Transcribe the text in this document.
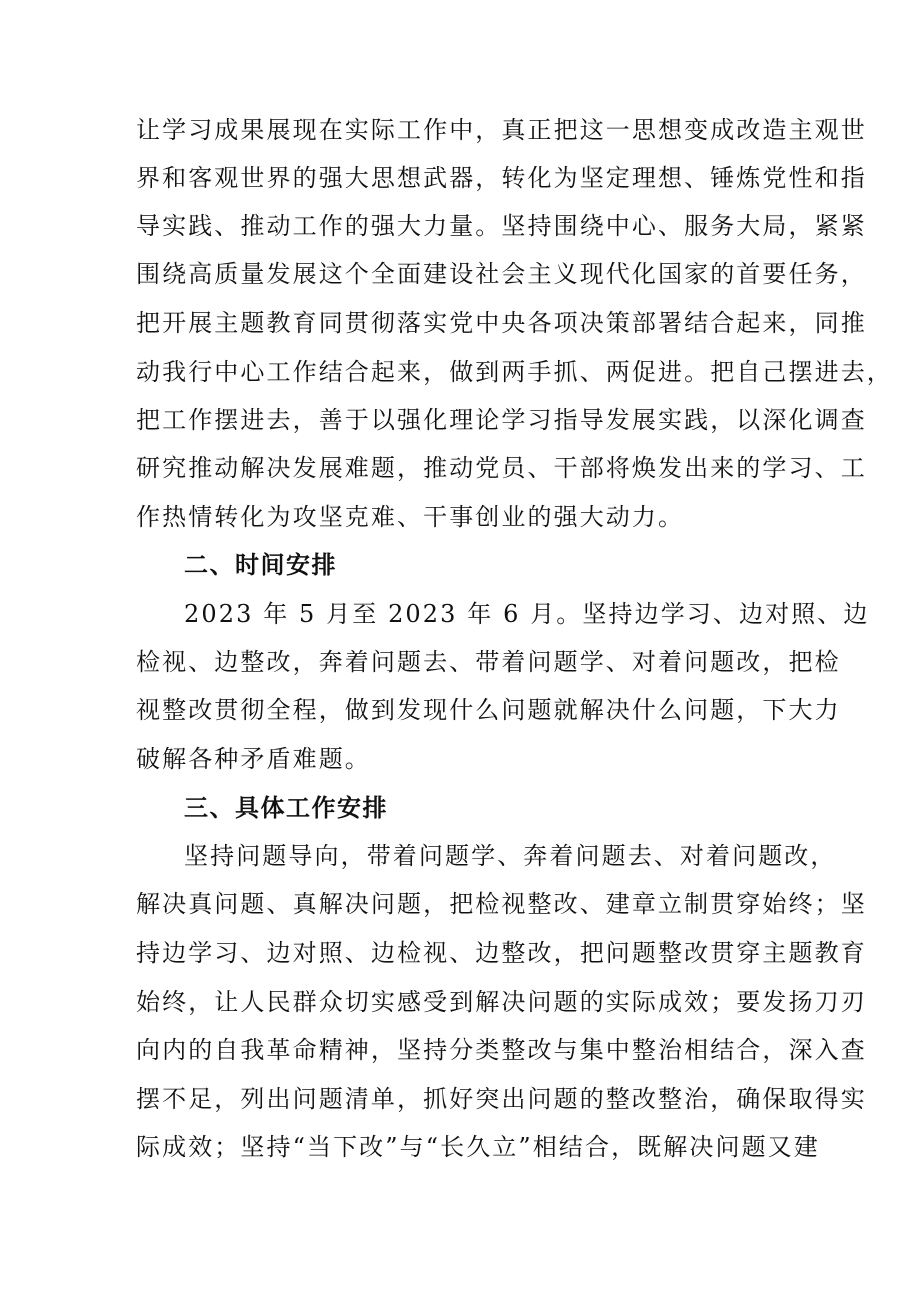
让学习成果展现在实际工作中，真正把这一思想变成改造主观世
界和客观世界的强大思想武器，转化为坚定理想、锤炼党性和指
导实践、推动工作的强大力量。坚持围绕中心、服务大局，紧紧
围绕高质量发展这个全面建设社会主义现代化国家的首要任务，
把开展主题教育同贯彻落实党中央各项决策部署结合起来，同推
动我行中心工作结合起来，做到两手抓、两促进。把自己摆进去，
把工作摆进去，善于以强化理论学习指导发展实践，以深化调查
研究推动解决发展难题，推动党员、干部将焕发出来的学习、工
作热情转化为攻坚克难、干事创业的强大动力。
二、时间安排
2023 年 5 月至 2023 年 6 月。坚持边学习、边对照、边
检视、边整改，奔着问题去、带着问题学、对着问题改，把检
视整改贯彻全程，做到发现什么问题就解决什么问题，下大力
破解各种矛盾难题。
三、具体工作安排
坚持问题导向，带着问题学、奔着问题去、对着问题改，
解决真问题、真解决问题，把检视整改、建章立制贯穿始终；坚
持边学习、边对照、边检视、边整改，把问题整改贯穿主题教育
始终，让人民群众切实感受到解决问题的实际成效；要发扬刀刃
向内的自我革命精神，坚持分类整改与集中整治相结合，深入查
摆不足，列出问题清单，抓好突出问题的整改整治，确保取得实
际成效；坚持“当下改”与“长久立”相结合，既解决问题又建
